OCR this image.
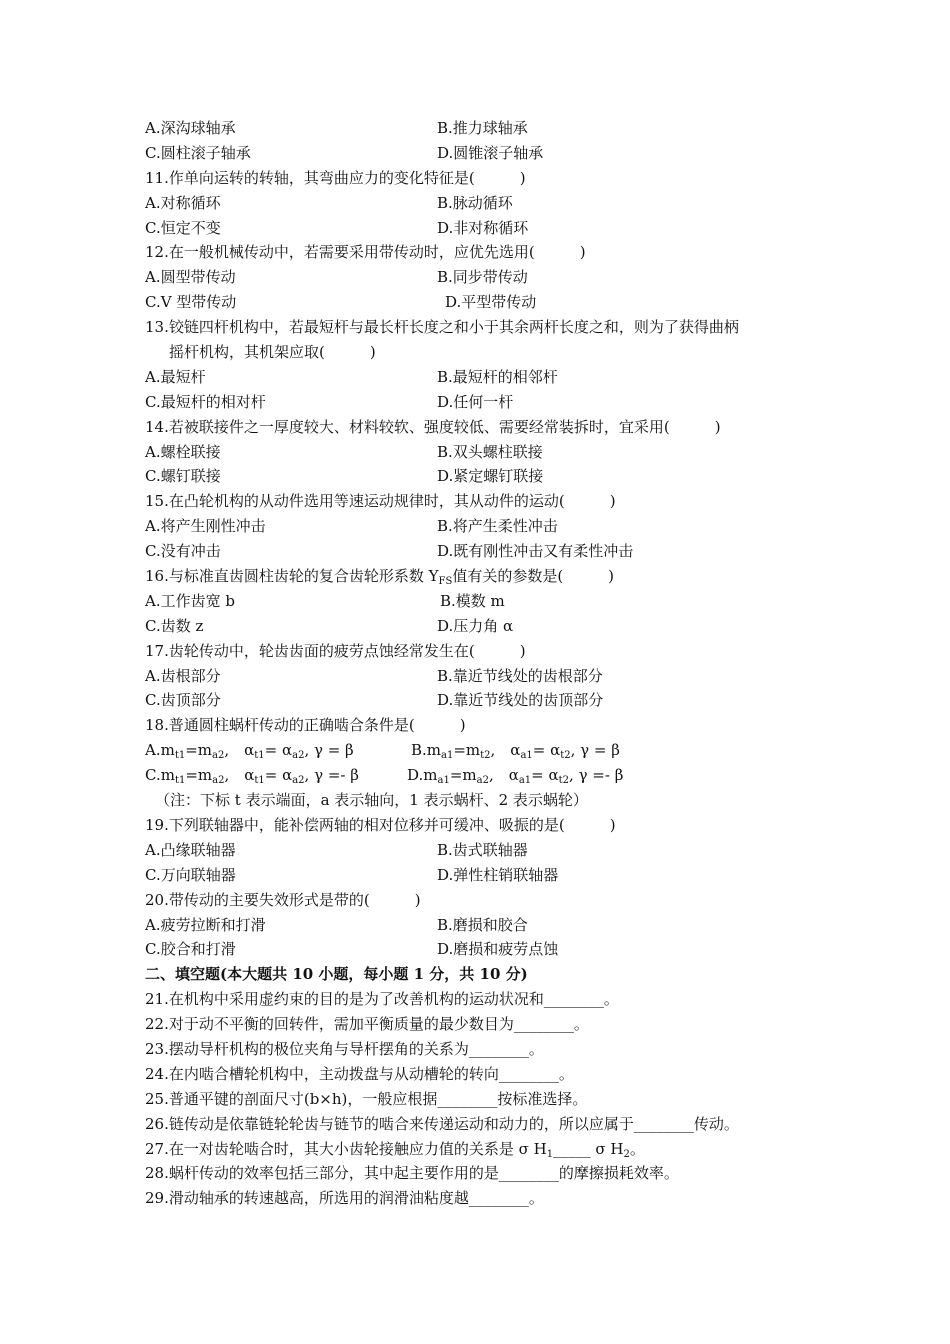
A.深沟球轴承	B.推力球轴承
C.圆柱滚子轴承	D.圆锥滚子轴承
11.作单向运转的转轴，其弯曲应力的变化特征是(　　　)
A.对称循环	B.脉动循环
C.恒定不变	D.非对称循环
12.在一般机械传动中，若需要采用带传动时，应优先选用(　　　)
A.圆型带传动	B.同步带传动
C.V 型带传动	D.平型带传动
13.铰链四杆机构中，若最短杆与最长杆长度之和小于其余两杆长度之和，则为了获得曲柄
摇杆机构，其机架应取(　　　)
A.最短杆	B.最短杆的相邻杆
C.最短杆的相对杆	D.任何一杆
14.若被联接件之一厚度较大、材料较软、强度较低、需要经常装拆时，宜采用(　　　)
A.螺栓联接	B.双头螺柱联接
C.螺钉联接	D.紧定螺钉联接
15.在凸轮机构的从动件选用等速运动规律时，其从动件的运动(　　　)
A.将产生刚性冲击	B.将产生柔性冲击
C.没有冲击	D.既有刚性冲击又有柔性冲击
16.与标准直齿圆柱齿轮的复合齿轮形系数 $Y_{FS}$值有关的参数是(　　　)
A.工作齿宽 b	B.模数 m
C.齿数 z	D.压力角 α
17.齿轮传动中，轮齿齿面的疲劳点蚀经常发生在(　　　)
A.齿根部分	B.靠近节线处的齿根部分
C.齿顶部分	D.靠近节线处的齿顶部分
18.普通圆柱蜗杆传动的正确啮合条件是(　　　)
$A.m_{t1}=m_{a2}$,　$\alpha_{t1}= \alpha_{a2}$, γ = β	$B.m_{a1}=m_{t2}$,　$\alpha_{a1}= \alpha_{t2}$, γ = β
$C.m_{t1}=m_{a2}$,　$\alpha_{t1}= \alpha_{a2}$, γ =- β	$D.m_{a1}=m_{a2}$,　$\alpha_{a1}= \alpha_{t2}$, γ =- β
（注：下标 t 表示端面，a 表示轴向，1 表示蜗杆、2 表示蜗轮）
19.下列联轴器中，能补偿两轴的相对位移并可缓冲、吸振的是(　　　)
A.凸缘联轴器	B.齿式联轴器
C.万向联轴器	D.弹性柱销联轴器
20.带传动的主要失效形式是带的(　　　)
A.疲劳拉断和打滑	B.磨损和胶合
C.胶合和打滑	D.磨损和疲劳点蚀
二、填空题(本大题共 10 小题，每小题 1 分，共 10 分)
21.在机构中采用虚约束的目的是为了改善机构的运动状况和________。
22.对于动不平衡的回转件，需加平衡质量的最少数目为________。
23.摆动导杆机构的极位夹角与导杆摆角的关系为________。
24.在内啮合槽轮机构中，主动拨盘与从动槽轮的转向________。
25.普通平键的剖面尺寸(b×h)，一般应根据________按标准选择。
26.链传动是依靠链轮轮齿与链节的啮合来传递运动和动力的，所以应属于________传动。
27.在一对齿轮啮合时，其大小齿轮接触应力值的关系是 σ $H_1\_\_\_\_\_$ σ $H_2$。
28.蜗杆传动的效率包括三部分，其中起主要作用的是________的摩擦损耗效率。
29.滑动轴承的转速越高，所选用的润滑油粘度越________。
